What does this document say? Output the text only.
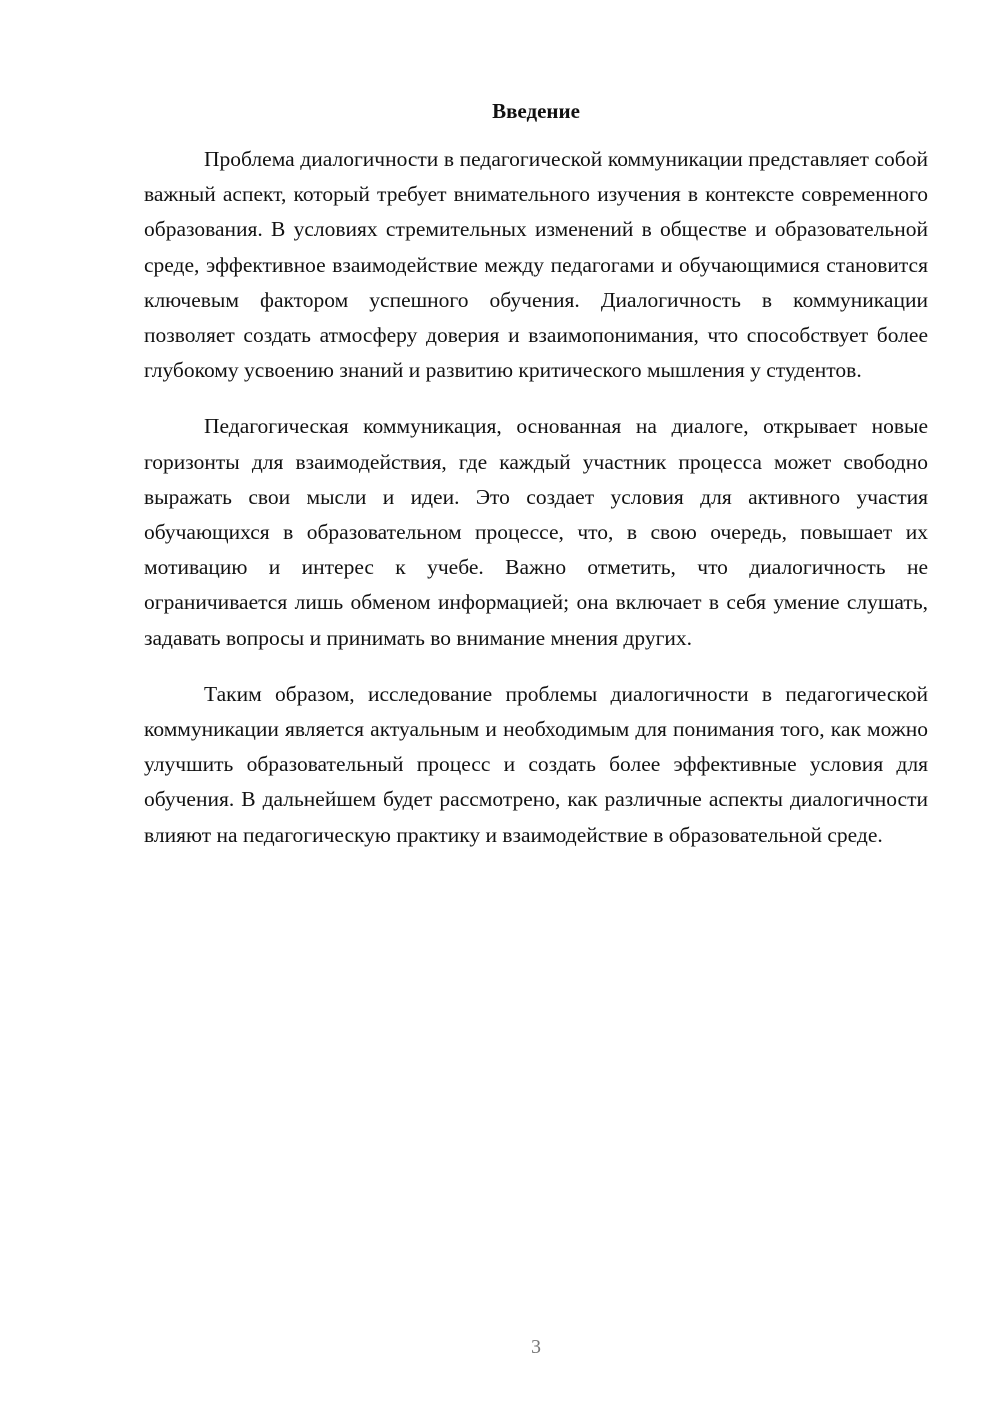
Введение

Проблема диалогичности в педагогической коммуникации представляет собой важный аспект, который требует внимательного изучения в контексте современного образования. В условиях стремительных изменений в обществе и образовательной среде, эффективное взаимодействие между педагогами и обучающимися становится ключевым фактором успешного обучения. Диалогичность в коммуникации позволяет создать атмосферу доверия и взаимопонимания, что способствует более глубокому усвоению знаний и развитию критического мышления у студентов.

Педагогическая коммуникация, основанная на диалоге, открывает новые горизонты для взаимодействия, где каждый участник процесса может свободно выражать свои мысли и идеи. Это создает условия для активного участия обучающихся в образовательном процессе, что, в свою очередь, повышает их мотивацию и интерес к учебе. Важно отметить, что диалогичность не ограничивается лишь обменом информацией; она включает в себя умение слушать, задавать вопросы и принимать во внимание мнения других.

Таким образом, исследование проблемы диалогичности в педагогической коммуникации является актуальным и необходимым для понимания того, как можно улучшить образовательный процесс и создать более эффективные условия для обучения. В дальнейшем будет рассмотрено, как различные аспекты диалогичности влияют на педагогическую практику и взаимодействие в образовательной среде.

3
